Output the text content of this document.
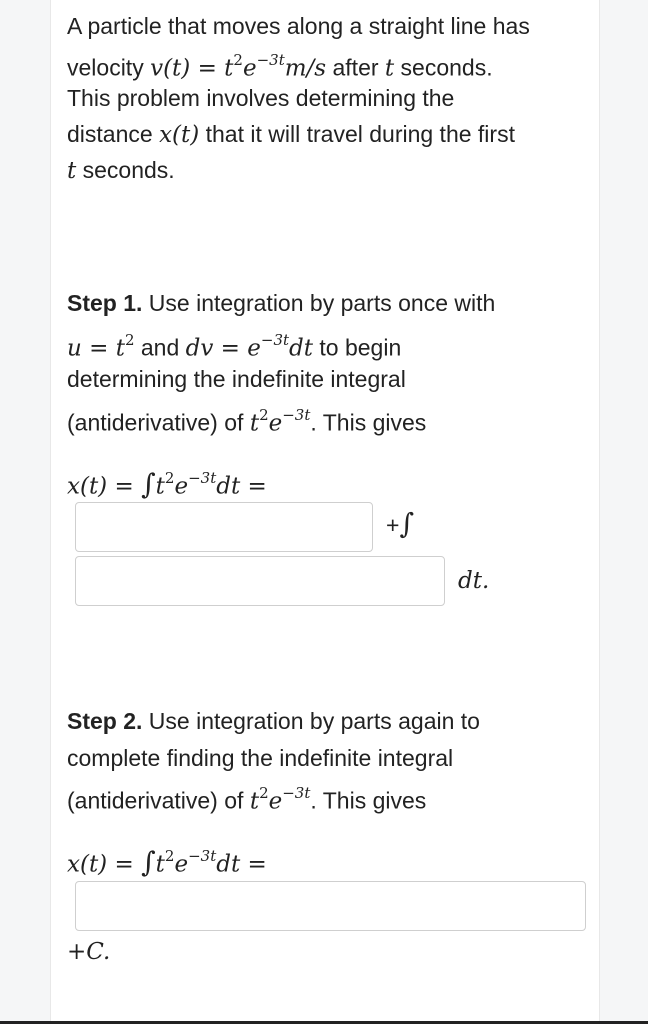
A particle that moves along a straight line has
velocity $v(t) = t^2e^{-3t}m/s$ after t seconds.
This problem involves determining the
distance x(t) that it will travel during the first
t seconds.
Step 1. Use integration by parts once with
$u = t^2$ and dv = $e^{-3t}dt$ to begin
determining the indefinite integral
(antiderivative) of $t^2e^{-3t}$. This gives
$x(t) = \int t^2e^{-3t}dt$ =
+∫
dt.
Step 2. Use integration by parts again to
complete finding the indefinite integral
(antiderivative) of $t^2e^{-3t}$. This gives
$x(t) = \int t^2e^{-3t}dt$ =
+C.
